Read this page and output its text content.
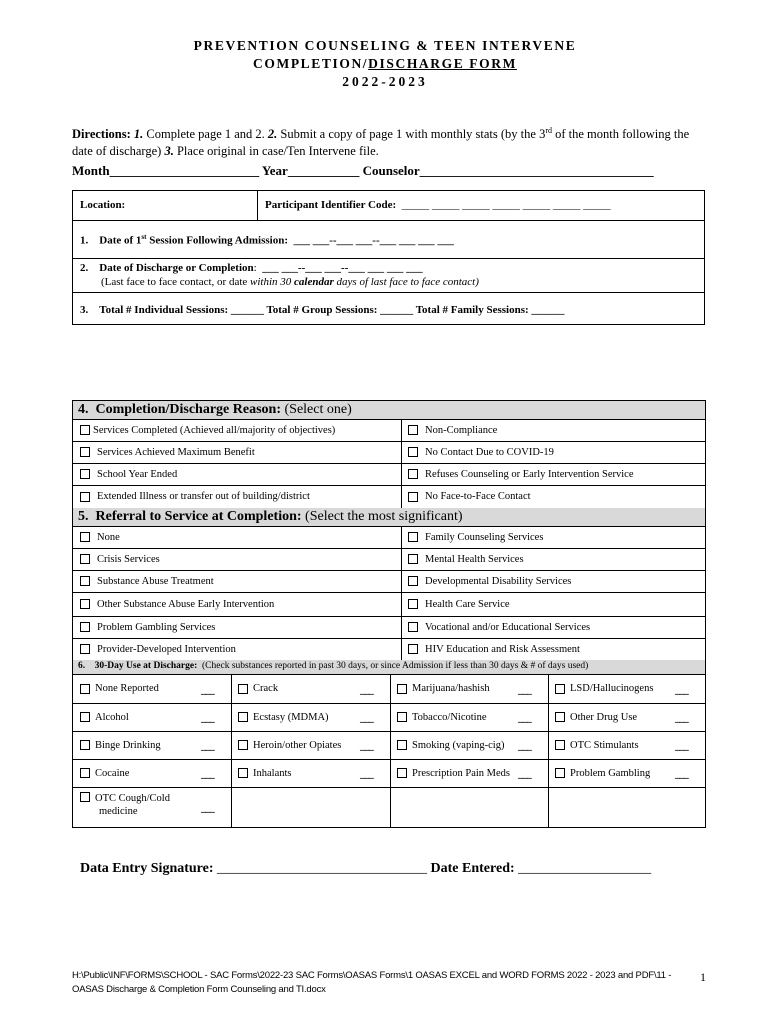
PREVENTION COUNSELING & TEEN INTERVENE
COMPLETION/DISCHARGE FORM
2022-2023
Directions: 1. Complete page 1 and 2. 2. Submit a copy of page 1 with monthly stats (by the 3rd of the month following the date of discharge) 3. Place original in case/Ten Intervene file.
Month_______________________ Year___________ Counselor____________________________________
Location:	Participant Identifier Code: _____ _____ _____ _____ _____ _____ _____
1. Date of 1st Session Following Admission: ___ ___--___ ___--___ ___ ___ ___
2. Date of Discharge or Completion: ___ ___--___ ___--___ ___ ___ ___
(Last face to face contact, or date within 30 calendar days of last face to face contact)
3. Total # Individual Sessions: ______ Total # Group Sessions: ______ Total # Family Sessions: ______
4. Completion/Discharge Reason: (Select one)
Services Completed (Achieved all/majority of objectives)	Non-Compliance
Services Achieved Maximum Benefit	No Contact Due to COVID-19
School Year Ended	Refuses Counseling or Early Intervention Service
Extended Illness or transfer out of building/district	No Face-to-Face Contact
5. Referral to Service at Completion: (Select the most significant)
None	Family Counseling Services
Crisis Services	Mental Health Services
Substance Abuse Treatment	Developmental Disability Services
Other Substance Abuse Early Intervention	Health Care Service
Problem Gambling Services	Vocational and/or Educational Services
Provider-Developed Intervention	HIV Education and Risk Assessment
6. 30-Day Use at Discharge: (Check substances reported in past 30 days, or since Admission if less than 30 days & # of days used)
None Reported	___	Crack	___	Marijuana/hashish	___	LSD/Hallucinogens ___
Alcohol	___	Ecstasy (MDMA)	___	Tobacco/Nicotine	___	Other Drug Use	___
Binge Drinking	___	Heroin/other Opiates ___	Smoking (vaping-cig) ___	OTC Stimulants	___
Cocaine	___	Inhalants	___	Prescription Pain Meds ___	Problem Gambling ___
OTC Cough/Cold
medicine	___
Data Entry Signature: ______________________________ Date Entered: ___________________
H:\Public\INF\FORMS\SCHOOL - SAC Forms\2022-23 SAC Forms\OASAS Forms\1 OASAS EXCEL and WORD FORMS 2022 - 2023 and PDF\11 -
OASAS Discharge & Completion Form Counseling and TI.docx
1
